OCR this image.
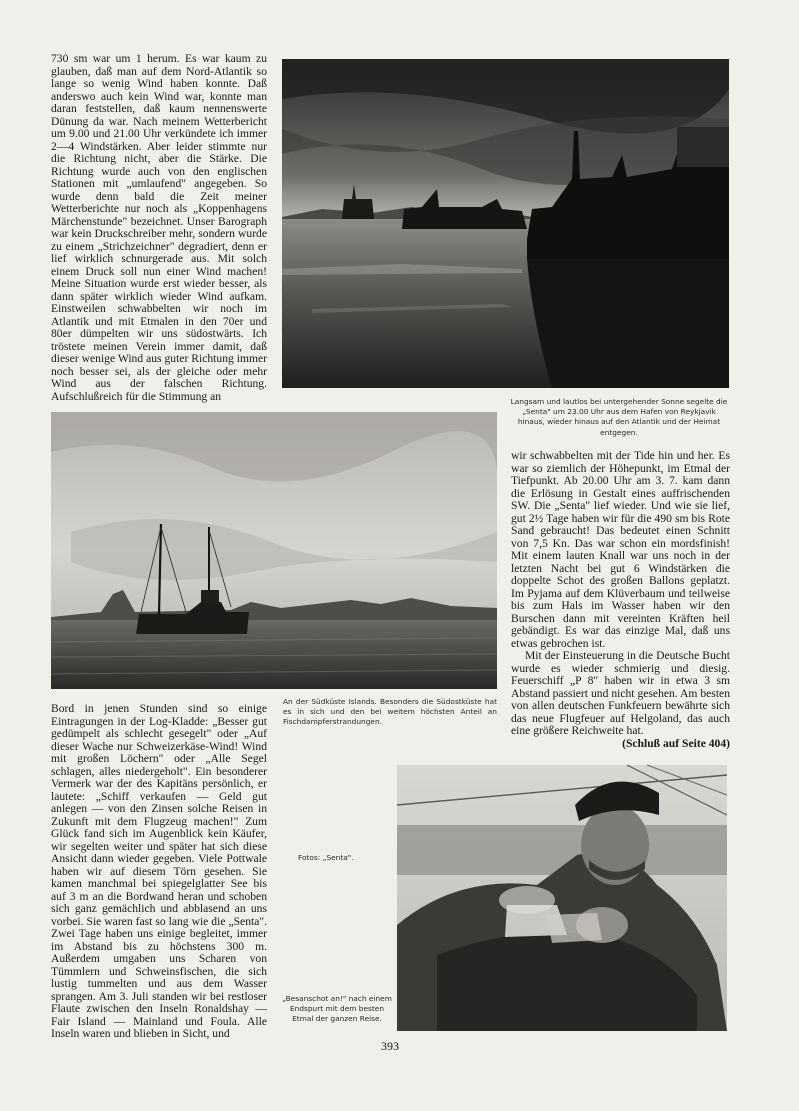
730 sm war um 1 herum. Es war kaum zu glauben, daß man auf dem Nord-Atlantik so lange so wenig Wind haben konnte. Daß anderswo auch kein Wind war, konnte man daran feststellen, daß kaum nennenswerte Dünung da war. Nach meinem Wetterbericht um 9.00 und 21.00 Uhr verkündete ich immer 2—4 Windstärken. Aber leider stimmte nur die Richtung nicht, aber die Stärke. Die Richtung wurde auch von den englischen Stationen mit „umlaufend" angegeben. So wurde denn bald die Zeit meiner Wetterberichte nur noch als „Koppenhagens Märchenstunde" bezeichnet. Unser Barograph war kein Druckschreiber mehr, sondern wurde zu einem „Strichzeichner" degradiert, denn er lief wirklich schnurgerade aus. Mit solch einem Druck soll nun einer Wind machen! Meine Situation wurde erst wieder besser, als dann später wirklich wieder Wind aufkam. Einstweilen schwabbelten wir noch im Atlantik und mit Etmalen in den 70er und 80er dümpelten wir uns südostwärts. Ich tröstete meinen Verein immer damit, daß dieser wenige Wind aus guter Richtung immer noch besser sei, als der gleiche oder mehr Wind aus der falschen Richtung. Aufschlußreich für die Stimmung an	Langsam und lautlos bei untergehender Sonne segelte die „Senta" um 23.00 Uhr aus dem Hafen von Reykjavik hinaus, wieder hinaus auf den Atlantik und der Heimat entgegen.

An der Südküste Islands. Besonders die Südostküste hat es in sich und den bei weitem höchsten Anteil an Fischdampferstrandungen.

wir schwabbelten mit der Tide hin und her. Es war so ziemlich der Höhepunkt, im Etmal der Tiefpunkt. Ab 20.00 Uhr am 3. 7. kam dann die Erlösung in Gestalt eines auffrischenden SW. Die „Senta" lief wieder. Und wie sie lief, gut 2½ Tage haben wir für die 490 sm bis Rote Sand gebraucht! Das bedeutet einen Schnitt von 7,5 Kn. Das war schon ein mordsfinish! Mit einem lauten Knall war uns noch in der letzten Nacht bei gut 6 Windstärken die doppelte Schot des großen Ballons geplatzt. Im Pyjama auf dem Klüverbaum und teilweise bis zum Hals im Wasser haben wir den Burschen dann mit vereinten Kräften heil gebändigt. Es war das einzige Mal, daß uns etwas gebrochen ist.

Mit der Einsteuerung in die Deutsche Bucht wurde es wieder schmierig und diesig. Feuerschiff „P 8" haben wir in etwa 3 sm Abstand passiert und nicht gesehen. Am besten von allen deutschen Funkfeuern bewährte sich das neue Flugfeuer auf Helgoland, das auch eine größere Reichweite hat.

(Schluß auf Seite 404)

Bord in jenen Stunden sind so einige Eintragungen in der Log-Kladde: „Besser gut gedümpelt als schlecht gesegelt" oder „Auf dieser Wache nur Schweizerkäse-Wind! Wind mit großen Löchern" oder „Alle Segel schlagen, alles niedergeholt". Ein besonderer Vermerk war der des Kapitäns persönlich, er lautete: „Schiff verkaufen — Geld gut anlegen — von den Zinsen solche Reisen in Zukunft mit dem Flugzeug machen!" Zum Glück fand sich im Augenblick kein Käufer, wir segelten weiter und später hat sich diese Ansicht dann wieder gegeben. Viele Pottwale haben wir auf diesem Törn gesehen. Sie kamen manchmal bei spiegelglatter See bis auf 3 m an die Bordwand heran und schoben sich ganz gemächlich und abblasend an uns vorbei. Sie waren fast so lang wie die „Senta". Zwei Tage haben uns einige begleitet, immer im Abstand bis zu höchstens 300 m. Außerdem umgaben uns Scharen von Tümmlern und Schweinsfischen, die sich lustig tummelten und aus dem Wasser sprangen. Am 3. Juli standen wir bei restloser Flaute zwischen den Inseln Ronaldshay — Fair Island — Mainland und Foula. Alle Inseln waren und blieben in Sicht, und

Fotos: „Senta".

„Besanschot an!" nach einem Endspurt mit dem besten Etmal der ganzen Reise.

393
